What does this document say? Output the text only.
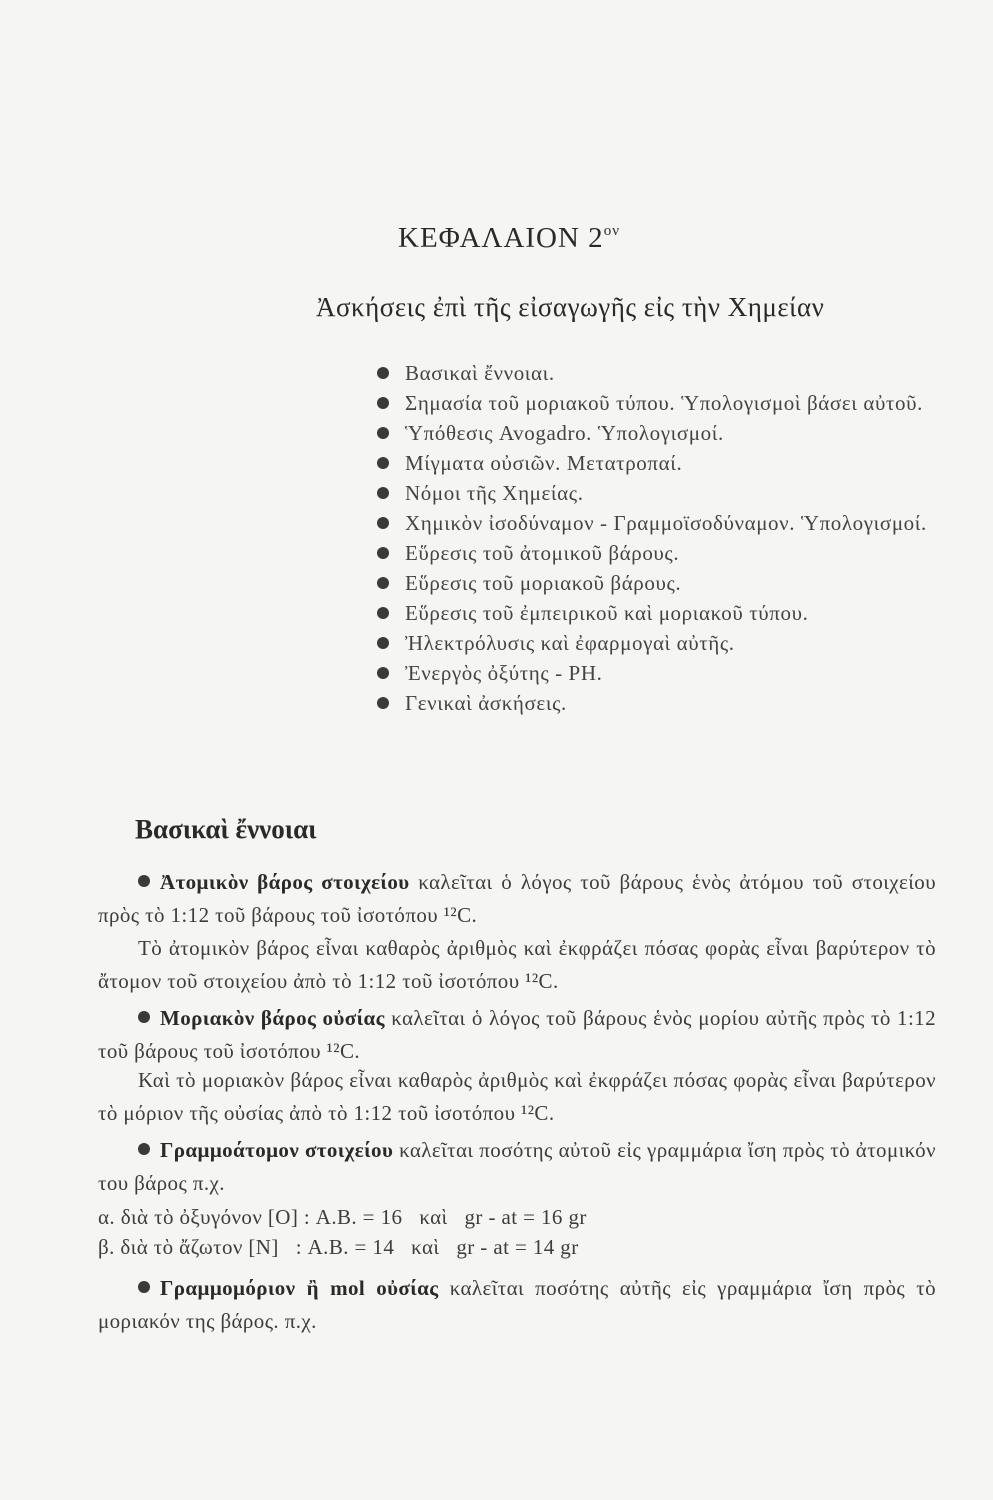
ΚΕΦΑΛΑΙΟΝ $2^{o\nu}$
Ἀσκήσεις ἐπὶ τῆς εἰσαγωγῆς εἰς τὴν Χημείαν
Βασικαὶ ἔννοιαι.
Σημασία τοῦ μοριακοῦ τύπου. Ὑπολογισμοὶ βάσει αὐτοῦ.
Ὑπόθεσις Avogadro. Ὑπολογισμοί.
Μίγματα οὐσιῶν. Μετατροπαί.
Νόμοι τῆς Χημείας.
Χημικὸν ἰσοδύναμον - Γραμμοϊσοδύναμον. Ὑπολογισμοί.
Εὕρεσις τοῦ ἀτομικοῦ βάρους.
Εὕρεσις τοῦ μοριακοῦ βάρους.
Εὕρεσις τοῦ ἐμπειρικοῦ καὶ μοριακοῦ τύπου.
Ἠλεκτρόλυσις καὶ ἐφαρμογαὶ αὐτῆς.
Ἐνεργὸς ὀξύτης - PH.
Γενικαὶ ἀσκήσεις.
Βασικαὶ ἔννοιαι

Ἀτομικὸν βάρος στοιχείου καλεῖται ὁ λόγος τοῦ βάρους ἑνὸς ἀτόμου τοῦ στοιχείου πρὸς τὸ 1:12 τοῦ βάρους τοῦ ἰσοτόπου ¹²C.

Τὸ ἀτομικὸν βάρος εἶναι καθαρὸς ἀριθμὸς καὶ ἐκφράζει πόσας φορὰς εἶναι βαρύτερον τὸ ἄτομον τοῦ στοιχείου ἀπὸ τὸ 1:12 τοῦ ἰσοτόπου ¹²C.

Μοριακὸν βάρος οὐσίας καλεῖται ὁ λόγος τοῦ βάρους ἑνὸς μορίου αὐτῆς πρὸς τὸ 1:12 τοῦ βάρους τοῦ ἰσοτόπου ¹²C.

Καὶ τὸ μοριακὸν βάρος εἶναι καθαρὸς ἀριθμὸς καὶ ἐκφράζει πόσας φορὰς εἶναι βαρύτερον τὸ μόριον τῆς οὐσίας ἀπὸ τὸ 1:12 τοῦ ἰσοτόπου ¹²C.

Γραμμοάτομον στοιχείου καλεῖται ποσότης αὐτοῦ εἰς γραμμάρια ἴση πρὸς τὸ ἀτομικόν του βάρος π.χ.

α. διὰ τὸ ὀξυγόνον [O] : A.B. = 16   καὶ   gr - at = 16 gr
β. διὰ τὸ ἄζωτον [N]   : A.B. = 14   καὶ   gr - at = 14 gr

Γραμμομόριον ἢ mol οὐσίας καλεῖται ποσότης αὐτῆς εἰς γραμμάρια ἴση πρὸς τὸ μοριακόν της βάρος. π.χ.
